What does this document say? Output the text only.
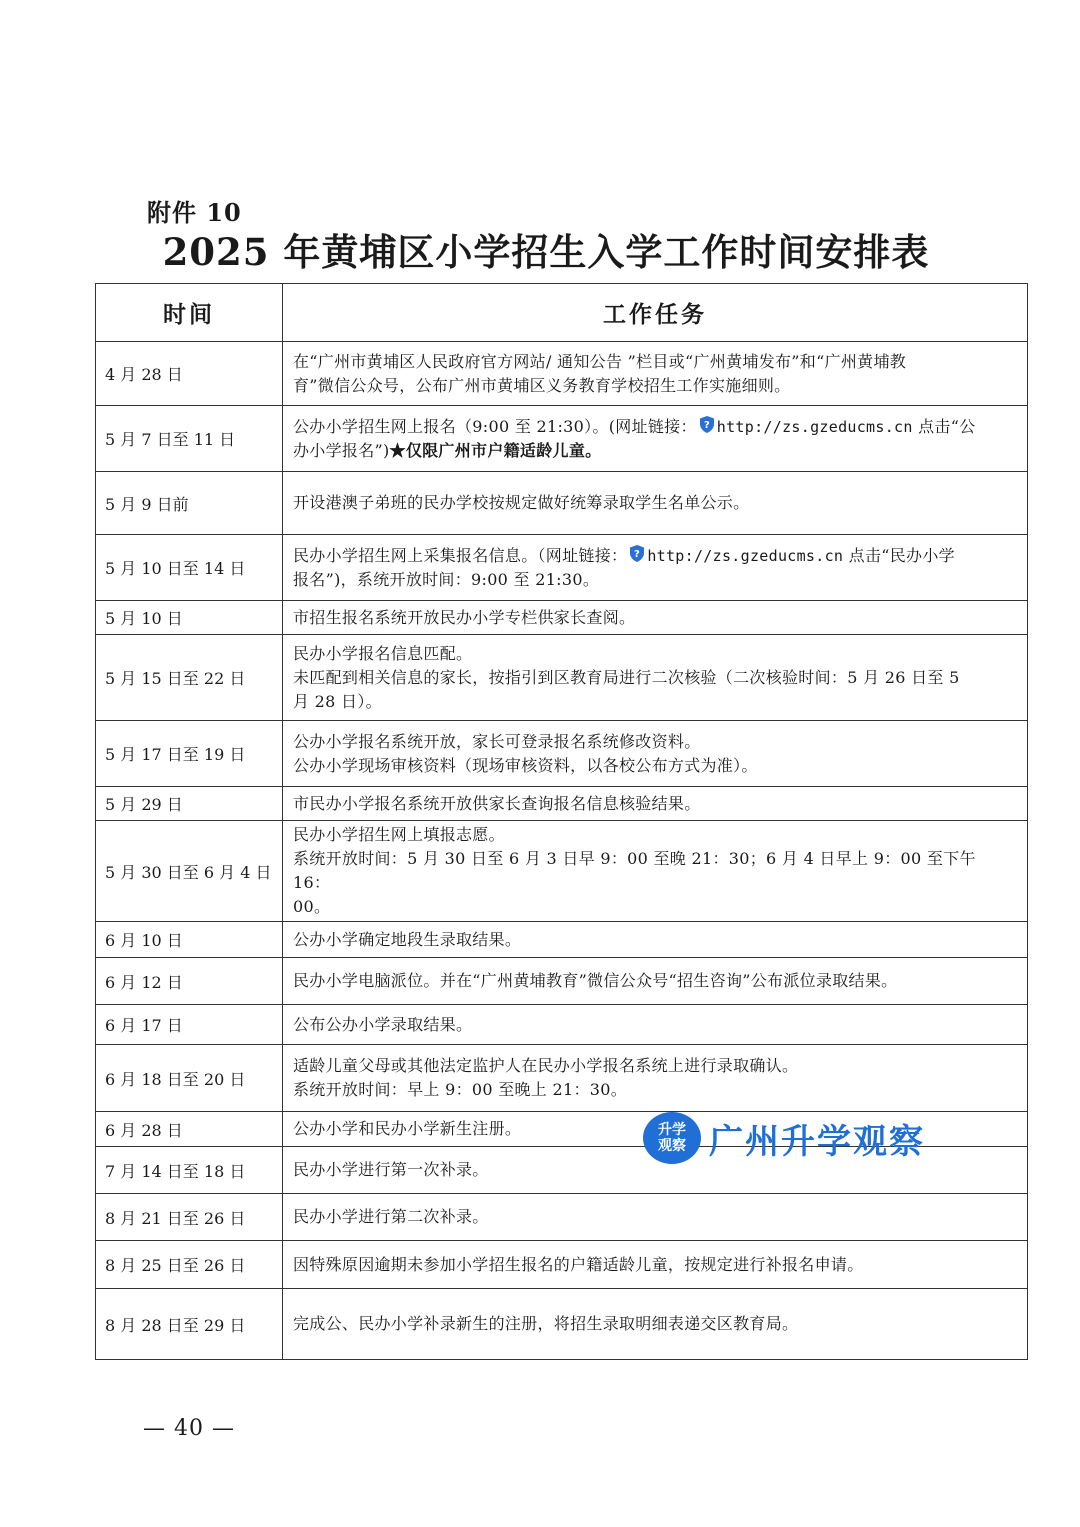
附件 10
2025 年黄埔区小学招生入学工作时间安排表
时间	工作任务
4 月 28 日	在“广州市黄埔区人民政府官方网站/ 通知公告 ”栏目或“广州黄埔发布”和“广州黄埔教
育”微信公众号，公布广州市黄埔区义务教育学校招生工作实施细则。

5 月 7 日至 11 日	公办小学招生网上报名（9:00 至 21:30）。(网址链接： ? http://zs.gzeducms.cn 点击“公
办小学报名”)★仅限广州市户籍适龄儿童。

5 月 9 日前	开设港澳子弟班的民办学校按规定做好统筹录取学生名单公示。

5 月 10 日至 14 日	民办小学招生网上采集报名信息。（网址链接： ? http://zs.gzeducms.cn 点击“民办小学
报名”)，系统开放时间：9:00 至 21:30。

5 月 10 日	市招生报名系统开放民办小学专栏供家长查阅。

5 月 15 日至 22 日	民办小学报名信息匹配。
未匹配到相关信息的家长，按指引到区教育局进行二次核验（二次核验时间：5 月 26 日至 5
月 28 日）。

5 月 17 日至 19 日	公办小学报名系统开放，家长可登录报名系统修改资料。
公办小学现场审核资料（现场审核资料，以各校公布方式为准）。

5 月 29 日	市民办小学报名系统开放供家长查询报名信息核验结果。

5 月 30 日至 6 月 4 日	民办小学招生网上填报志愿。
系统开放时间：5 月 30 日至 6 月 3 日早 9：00 至晚 21：30；6 月 4 日早上 9：00 至下午 16：
00。

6 月 10 日	公办小学确定地段生录取结果。

6 月 12 日	民办小学电脑派位。并在“广州黄埔教育”微信公众号“招生咨询”公布派位录取结果。

6 月 17 日	公布公办小学录取结果。

6 月 18 日至 20 日	适龄儿童父母或其他法定监护人在民办小学报名系统上进行录取确认。
系统开放时间：早上 9：00 至晚上 21：30。

6 月 28 日	公办小学和民办小学新生注册。

7 月 14 日至 18 日	民办小学进行第一次补录。

8 月 21 日至 26 日	民办小学进行第二次补录。

8 月 25 日至 26 日	因特殊原因逾期未参加小学招生报名的户籍适龄儿童，按规定进行补报名申请。

8 月 28 日至 29 日	完成公、民办小学补录新生的注册，将招生录取明细表递交区教育局。
升学
观察 广州升学观察
— 40 —
